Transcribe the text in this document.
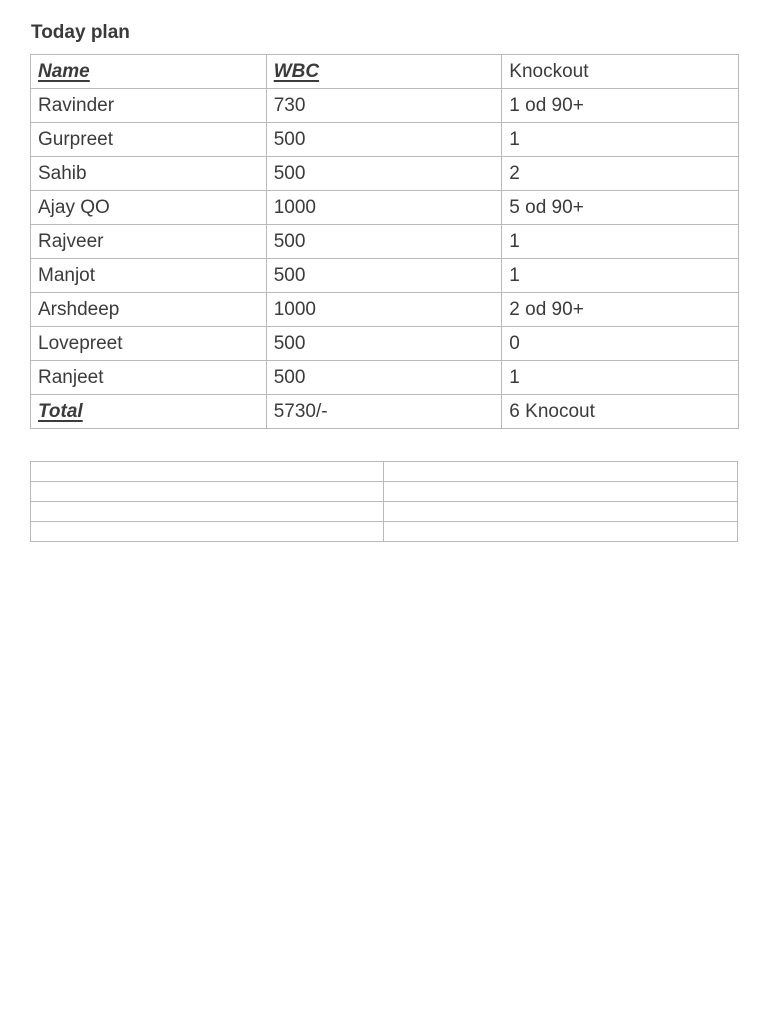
Today plan
Name	WBC	Knockout
Ravinder	730	1 od 90+
Gurpreet	500	1
Sahib	500	2
Ajay QO	1000	5 od 90+
Rajveer	500	1
Manjot	500	1
Arshdeep	1000	2 od 90+
Lovepreet	500	0
Ranjeet	500	1
Total	5730/-	6 Knocout
